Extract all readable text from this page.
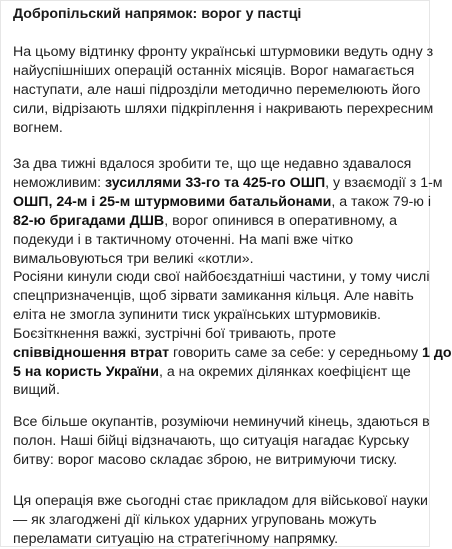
Добропільский напрямок: ворог у пастці
На цьому відтинку фронту українські штурмовики ведуть одну з
найуспішніших операцій останніх місяців. Ворог намагається
наступати, але наші підрозділи методично перемелюють його
сили, відрізають шляхи підкріплення і накривають перехресним
вогнем.
За два тижні вдалося зробити те, що ще недавно здавалося
неможливим: зусиллями 33-го та 425-го ОШП, у взаємодії з 1-м
ОШП, 24-м і 25-м штурмовими батальйонами, а також 79-ю і
82-ю бригадами ДШВ, ворог опинився в оперативному, а
подекуди і в тактичному оточенні. На мапі вже чітко
вимальовуються три великі «котли».
Росіяни кинули сюди свої найбоєздатніші частини, у тому числі
спецпризначенців, щоб зірвати замикання кільця. Але навіть
еліта не змогла зупинити тиск українських штурмовиків.
Боєзіткнення важкі, зустрічні бої тривають, проте
співвідношення втрат говорить саме за себе: у середньому 1 до
5 на користь України, а на окремих ділянках коефіцієнт ще
вищий.
Все більше окупантів, розуміючи неминучий кінець, здаються в
полон. Наші бійці відзначають, що ситуація нагадає Курську
битву: ворог масово складає зброю, не витримуючи тиску.
Ця операція вже сьогодні стає прикладом для військової науки
— як злагоджені дії кількох ударних угруповань можуть
переламати ситуацію на стратегічному напрямку.
